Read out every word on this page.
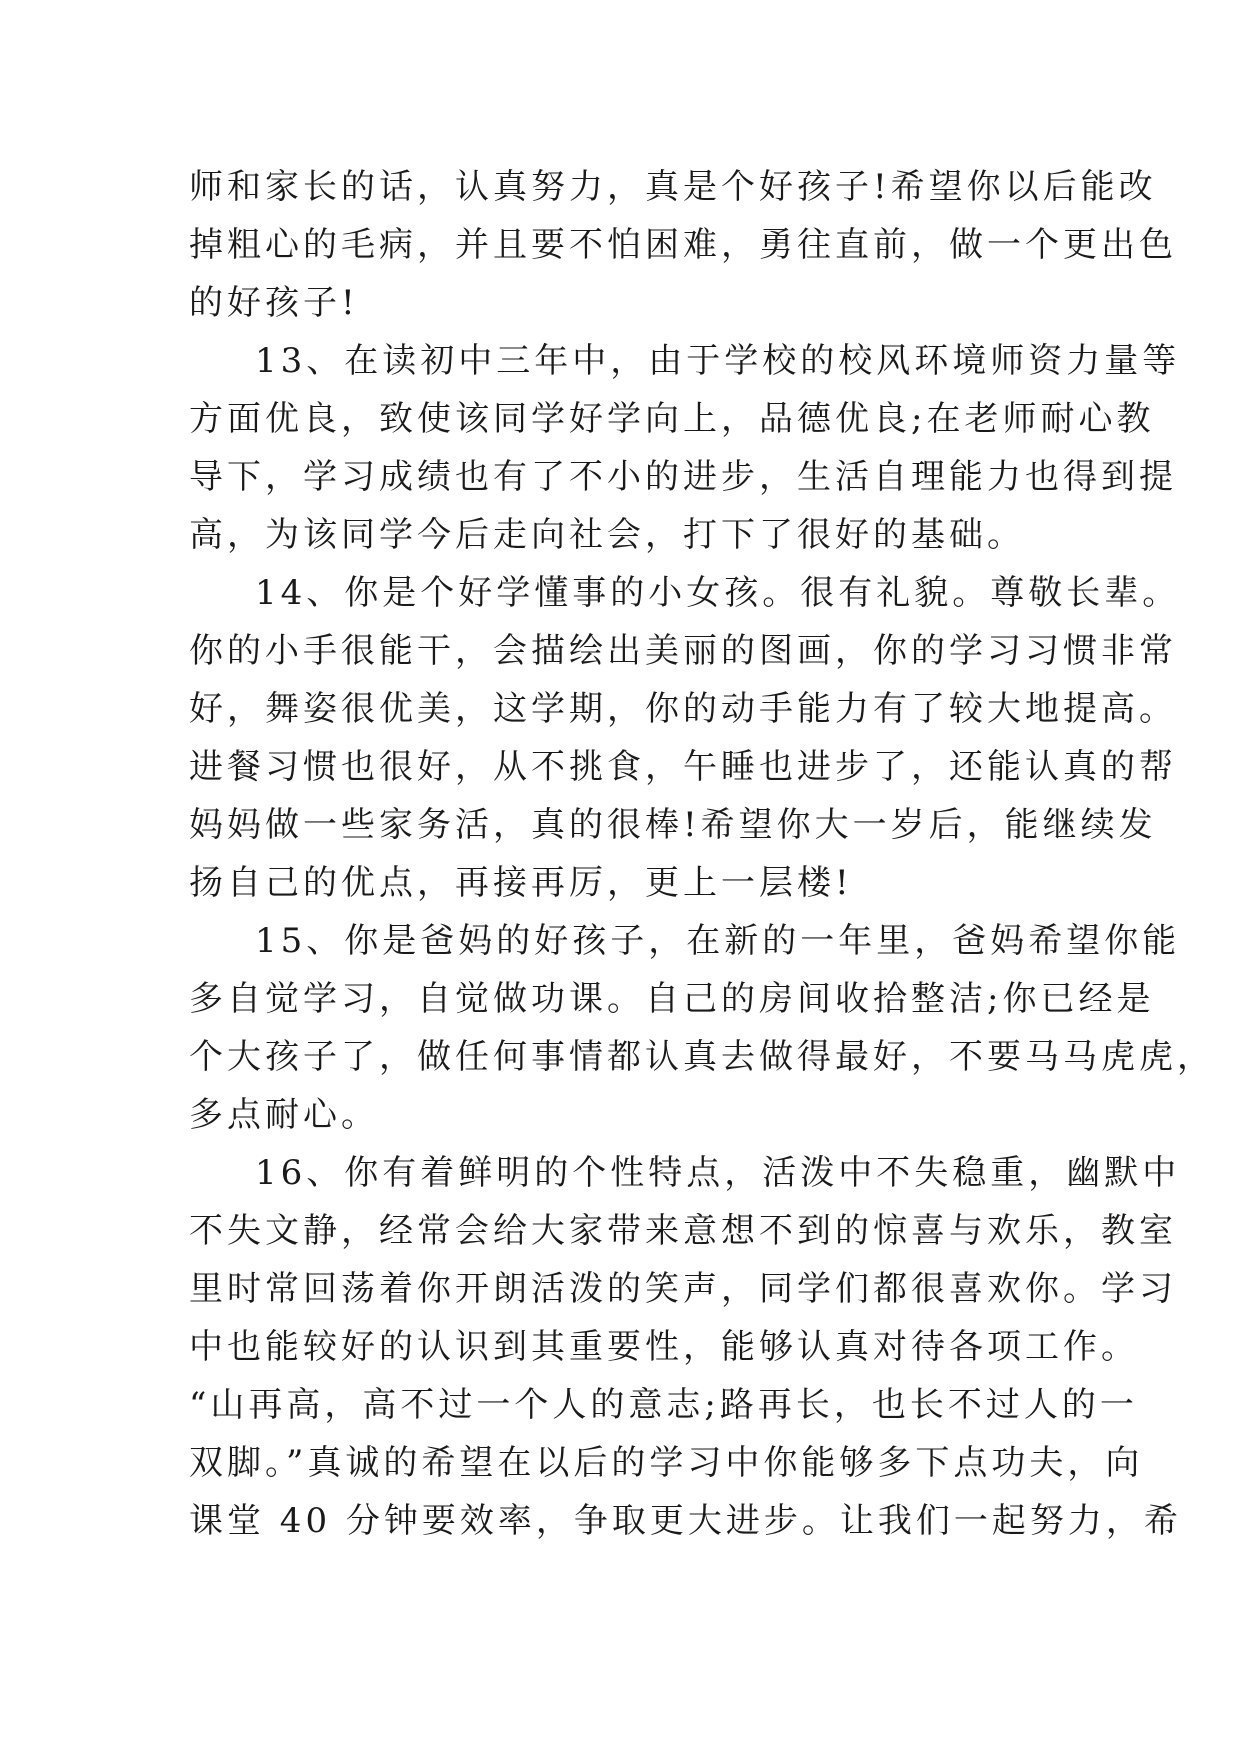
师和家长的话，认真努力，真是个好孩子!希望你以后能改
掉粗心的毛病，并且要不怕困难，勇往直前，做一个更出色
的好孩子!
13、在读初中三年中，由于学校的校风环境师资力量等
方面优良，致使该同学好学向上，品德优良;在老师耐心教
导下，学习成绩也有了不小的进步，生活自理能力也得到提
高，为该同学今后走向社会，打下了很好的基础。
14、你是个好学懂事的小女孩。很有礼貌。尊敬长辈。
你的小手很能干，会描绘出美丽的图画，你的学习习惯非常
好，舞姿很优美，这学期，你的动手能力有了较大地提高。
进餐习惯也很好，从不挑食，午睡也进步了，还能认真的帮
妈妈做一些家务活，真的很棒!希望你大一岁后，能继续发
扬自己的优点，再接再厉，更上一层楼!
15、你是爸妈的好孩子，在新的一年里，爸妈希望你能
多自觉学习，自觉做功课。自己的房间收拾整洁;你已经是
个大孩子了，做任何事情都认真去做得最好，不要马马虎虎，
多点耐心。
16、你有着鲜明的个性特点，活泼中不失稳重，幽默中
不失文静，经常会给大家带来意想不到的惊喜与欢乐，教室
里时常回荡着你开朗活泼的笑声，同学们都很喜欢你。学习
中也能较好的认识到其重要性，能够认真对待各项工作。
“山再高，高不过一个人的意志;路再长，也长不过人的一
双脚。”真诚的希望在以后的学习中你能够多下点功夫，向
课堂 40 分钟要效率，争取更大进步。让我们一起努力，希
